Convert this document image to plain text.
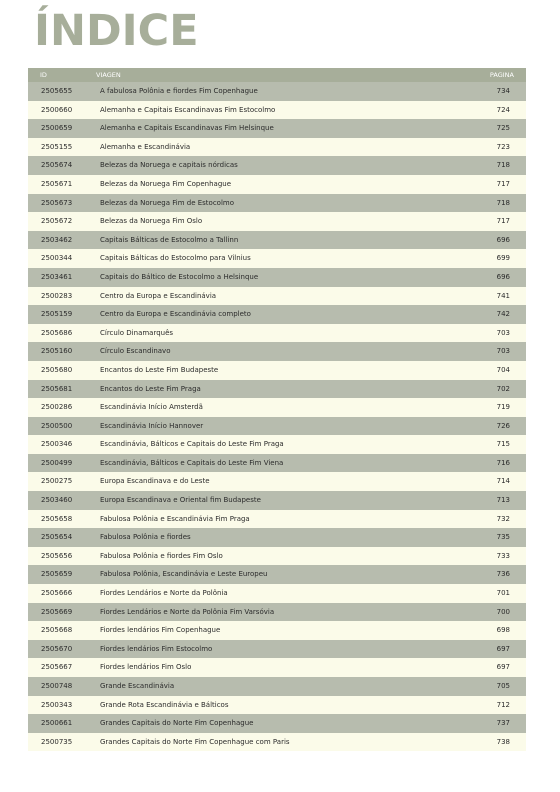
ÍNDICE
ID	VIAGEN	PAGINA
2505655	A fabulosa Polônia e fiordes Fim Copenhague	734
2500660	Alemanha e Capitais Escandinavas Fim Estocolmo	724
2500659	Alemanha e Capitais Escandinavas Fim Helsinque	725
2505155	Alemanha e Escandinávia	723
2505674	Belezas da Noruega e capitais nórdicas	718
2505671	Belezas da Noruega Fim Copenhague	717
2505673	Belezas da Noruega Fim de Estocolmo	718
2505672	Belezas da Noruega Fim Oslo	717
2503462	Capitais Bálticas de Estocolmo a Tallinn	696
2500344	Capitais Bálticas do Estocolmo para Vilnius	699
2503461	Capitais do Báltico de Estocolmo a Helsinque	696
2500283	Centro da Europa e Escandinávia	741
2505159	Centro da Europa e Escandinávia completo	742
2505686	Círculo Dinamarquês	703
2505160	Círculo Escandinavo	703
2505680	Encantos do Leste Fim Budapeste	704
2505681	Encantos do Leste Fim Praga	702
2500286	Escandinávia Início Amsterdã	719
2500500	Escandinávia Início Hannover	726
2500346	Escandinávia, Bálticos e Capitais do Leste Fim Praga	715
2500499	Escandinávia, Bálticos e Capitais do Leste Fim Viena	716
2500275	Europa Escandinava e do Leste	714
2503460	Europa Escandinava e Oriental fim Budapeste	713
2505658	Fabulosa Polônia e Escandinávia Fim Praga	732
2505654	Fabulosa Polônia e fiordes	735
2505656	Fabulosa Polônia e fiordes Fim Oslo	733
2505659	Fabulosa Polônia, Escandinávia e Leste Europeu	736
2505666	Fiordes Lendários e Norte da Polônia	701
2505669	Fiordes Lendários e Norte da Polônia Fim Varsóvia	700
2505668	Fiordes lendários Fim Copenhague	698
2505670	Fiordes lendários Fim Estocolmo	697
2505667	Fiordes lendários Fim Oslo	697
2500748	Grande Escandinávia	705
2500343	Grande Rota Escandinávia e Bálticos	712
2500661	Grandes Capitais do Norte Fim Copenhague	737
2500735	Grandes Capitais do Norte Fim Copenhague com Paris	738
